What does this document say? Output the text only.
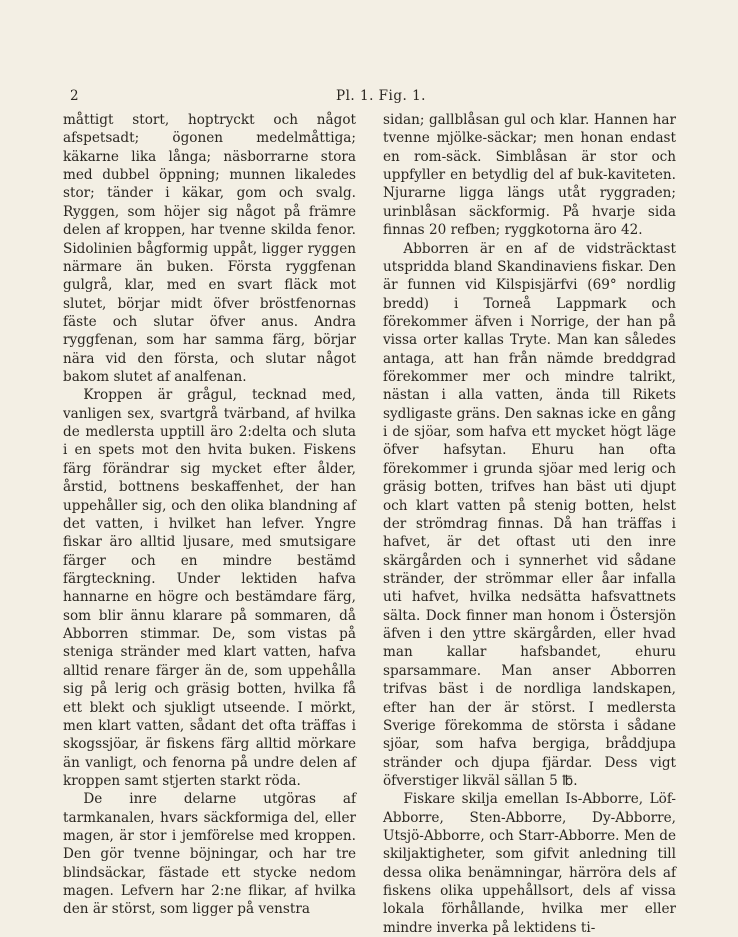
2	Pl. 1. Fig. 1.

måttigt stort, hoptryckt och något afspetsadt; ögonen medelmåttiga; käkarne lika långa; näsborrarne stora med dubbel öppning; munnen likaledes stor; tänder i käkar, gom och svalg. Ryggen, som höjer sig något på främre delen af kroppen, har tvenne skilda fenor. Sidolinien bågformig uppåt, ligger ryggen närmare än buken. Första ryggfenan gulgrå, klar, med en svart fläck mot slutet, börjar midt öfver bröstfenornas fäste och slutar öfver anus. Andra ryggfenan, som har samma färg, börjar nära vid den första, och slutar något bakom slutet af analfenan.

Kroppen är grågul, tecknad med, vanligen sex, svartgrå tvärband, af hvilka de medlersta upptill äro 2:delta och sluta i en spets mot den hvita buken. Fiskens färg förändrar sig mycket efter ålder, årstid, bottnens beskaffenhet, der han uppehåller sig, och den olika blandning af det vatten, i hvilket han lefver. Yngre fiskar äro alltid ljusare, med smutsigare färger och en mindre bestämd färgteckning. Under lektiden hafva hannarne en högre och bestämdare färg, som blir ännu klarare på sommaren, då Abborren stimmar. De, som vistas på steniga stränder med klart vatten, hafva alltid renare färger än de, som uppehålla sig på lerig och gräsig botten, hvilka få ett blekt och sjukligt utseende. I mörkt, men klart vatten, sådant det ofta träffas i skogssjöar, är fiskens färg alltid mörkare än vanligt, och fenorna på undre delen af kroppen samt stjerten starkt röda.

De inre delarne utgöras af tarmkanalen, hvars säckformiga del, eller magen, är stor i jemförelse med kroppen. Den gör tvenne böjningar, och har tre blindsäckar, fästade ett stycke nedom magen. Lefvern har 2:ne flikar, af hvilka den är störst, som ligger på venstra

sidan; gallblåsan gul och klar. Hannen har tvenne mjölke-säckar; men honan endast en rom-säck. Simblåsan är stor och uppfyller en betydlig del af buk-kaviteten. Njurarne ligga längs utåt ryggraden; urinblåsan säckformig. På hvarje sida finnas 20 refben; ryggkotorna äro 42.

Abborren är en af de vidsträcktast utspridda bland Skandinaviens fiskar. Den är funnen vid Kilspisjärfvi (69° nordlig bredd) i Torneå Lappmark och förekommer äfven i Norrige, der han på vissa orter kallas Tryte. Man kan således antaga, att han från nämde breddgrad förekommer mer och mindre talrikt, nästan i alla vatten, ända till Rikets sydligaste gräns. Den saknas icke en gång i de sjöar, som hafva ett mycket högt läge öfver hafsytan. Ehuru han ofta förekommer i grunda sjöar med lerig och gräsig botten, trifves han bäst uti djupt och klart vatten på stenig botten, helst der strömdrag finnas. Då han träffas i hafvet, är det oftast uti den inre skärgården och i synnerhet vid sådane stränder, der strömmar eller åar infalla uti hafvet, hvilka nedsätta hafsvattnets sälta. Dock finner man honom i Östersjön äfven i den yttre skärgården, eller hvad man kallar hafsbandet, ehuru sparsammare. Man anser Abborren trifvas bäst i de nordliga landskapen, efter han der är störst. I medlersta Sverige förekomma de största i sådane sjöar, som hafva bergiga, bråddjupa stränder och djupa fjärdar. Dess vigt öfverstiger likväl sällan 5 ℔.

Fiskare skilja emellan Is-Abborre, Löf-Abborre, Sten-Abborre, Dy-Abborre, Utsjö-Abborre, och Starr-Abborre. Men de skiljaktigheter, som gifvit anledning till dessa olika benämningar, härröra dels af fiskens olika uppehållsort, dels af vissa lokala förhållande, hvilka mer eller mindre inverka på lektidens ti-
